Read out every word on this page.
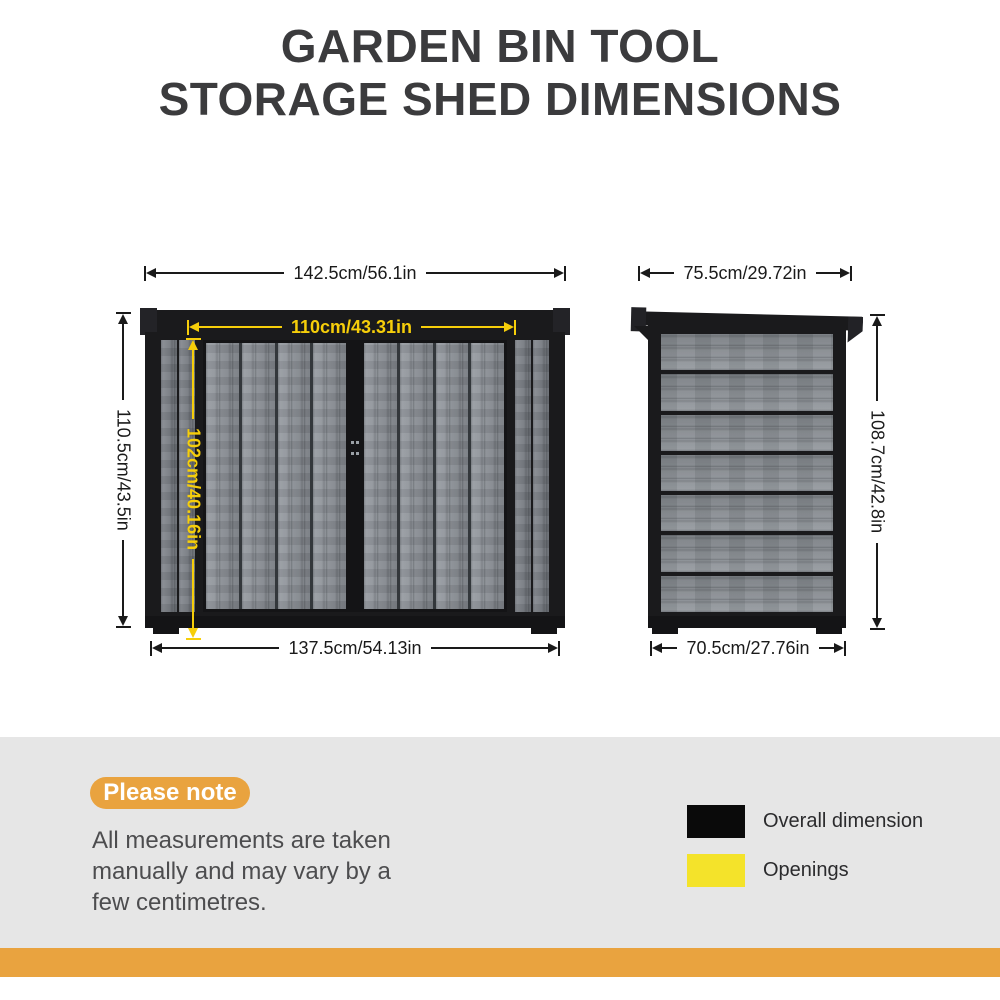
GARDEN BIN TOOL
STORAGE SHED DIMENSIONS
142.5cm/56.1in
110cm/43.31in
110.5cm/43.5in	102cm/40.16in
137.5cm/54.13in
75.5cm/29.72in
108.7cm/42.8in
70.5cm/27.76in
Please note
All measurements are taken
manually and may vary by a
few centimetres.
Overall dimension
Openings
